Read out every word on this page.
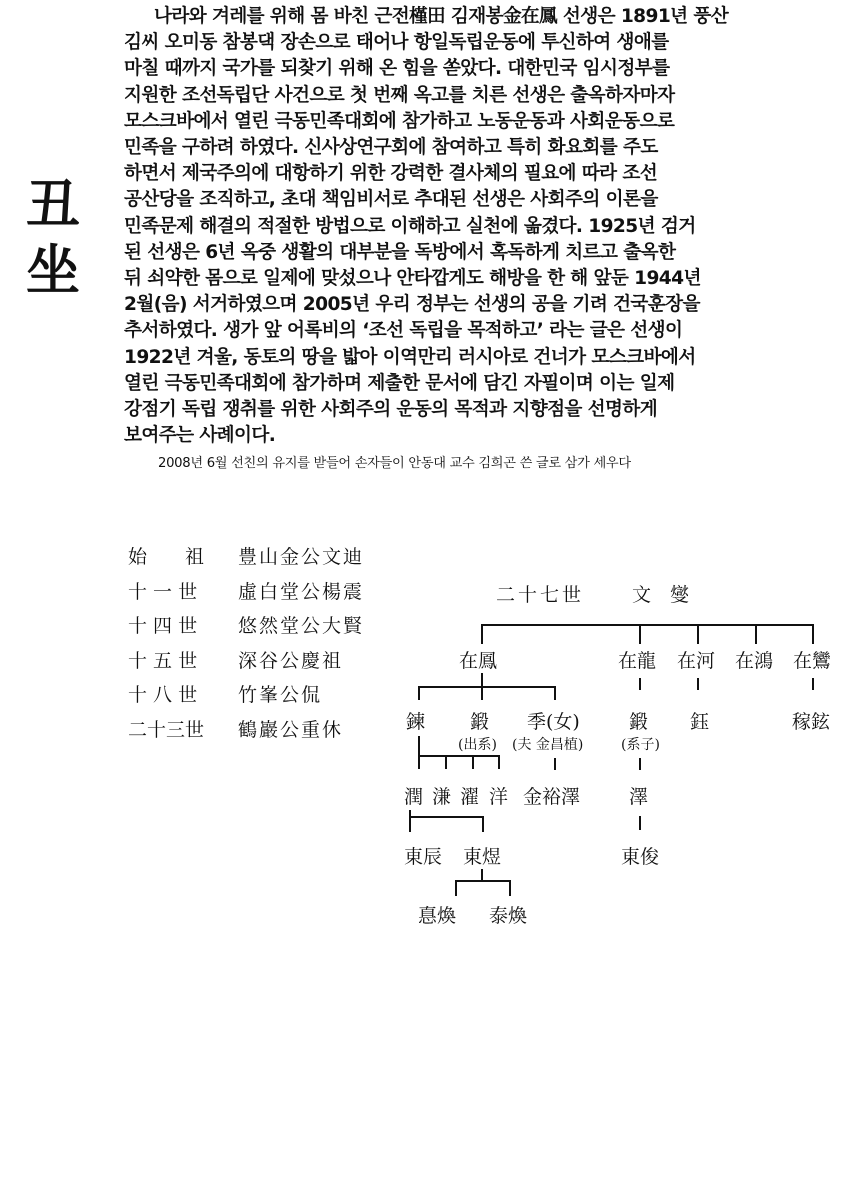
丑
坐
나라와 겨레를 위해 몸 바친 근전槿田 김재봉金在鳳 선생은 1891년 풍산
김씨 오미동 참봉댁 장손으로 태어나 항일독립운동에 투신하여 생애를
마칠 때까지 국가를 되찾기 위해 온 힘을 쏟았다. 대한민국 임시정부를
지원한 조선독립단 사건으로 첫 번째 옥고를 치른 선생은 출옥하자마자
모스크바에서 열린 극동민족대회에 참가하고 노동운동과 사회운동으로
민족을 구하려 하였다. 신사상연구회에 참여하고 특히 화요회를 주도
하면서 제국주의에 대항하기 위한 강력한 결사체의 필요에 따라 조선
공산당을 조직하고, 초대 책임비서로 추대된 선생은 사회주의 이론을
민족문제 해결의 적절한 방법으로 이해하고 실천에 옮겼다. 1925년 검거
된 선생은 6년 옥중 생활의 대부분을 독방에서 혹독하게 치르고 출옥한
뒤 쇠약한 몸으로 일제에 맞섰으나 안타깝게도 해방을 한 해 앞둔 1944년
2월(음) 서거하였으며 2005년 우리 정부는 선생의 공을 기려 건국훈장을
추서하였다. 생가 앞 어록비의 ‘조선 독립을 목적하고’ 라는 글은 선생이
1922년 겨울, 동토의 땅을 밟아 이역만리 러시아로 건너가 모스크바에서
열린 극동민족대회에 참가하며 제출한 문서에 담긴 자필이며 이는 일제
강점기 독립 쟁취를 위한 사회주의 운동의 목적과 지향점을 선명하게
보여주는 사례이다.
2008년 6월 선친의 유지를 받들어 손자들이 안동대 교수 김희곤 쓴 글로 삼가 세우다
始　　祖	豊山金公文迪
十 一 世	虛白堂公楊震
十 四 世	悠然堂公大賢
十 五 世	深谷公慶祖
十 八 世	竹峯公侃
二十三世	鶴巖公重休
二十七世	文　燮
在鳳	在龍 在河 在鴻 在鸞
鍊 鍛 季(女)	鍛 鈺	稼鉉
(出系) (夫 金昌植)	(系子)
潤 溓 濯 洋 金裕澤	澤
東辰 東煜	東俊
惪煥 泰煥
